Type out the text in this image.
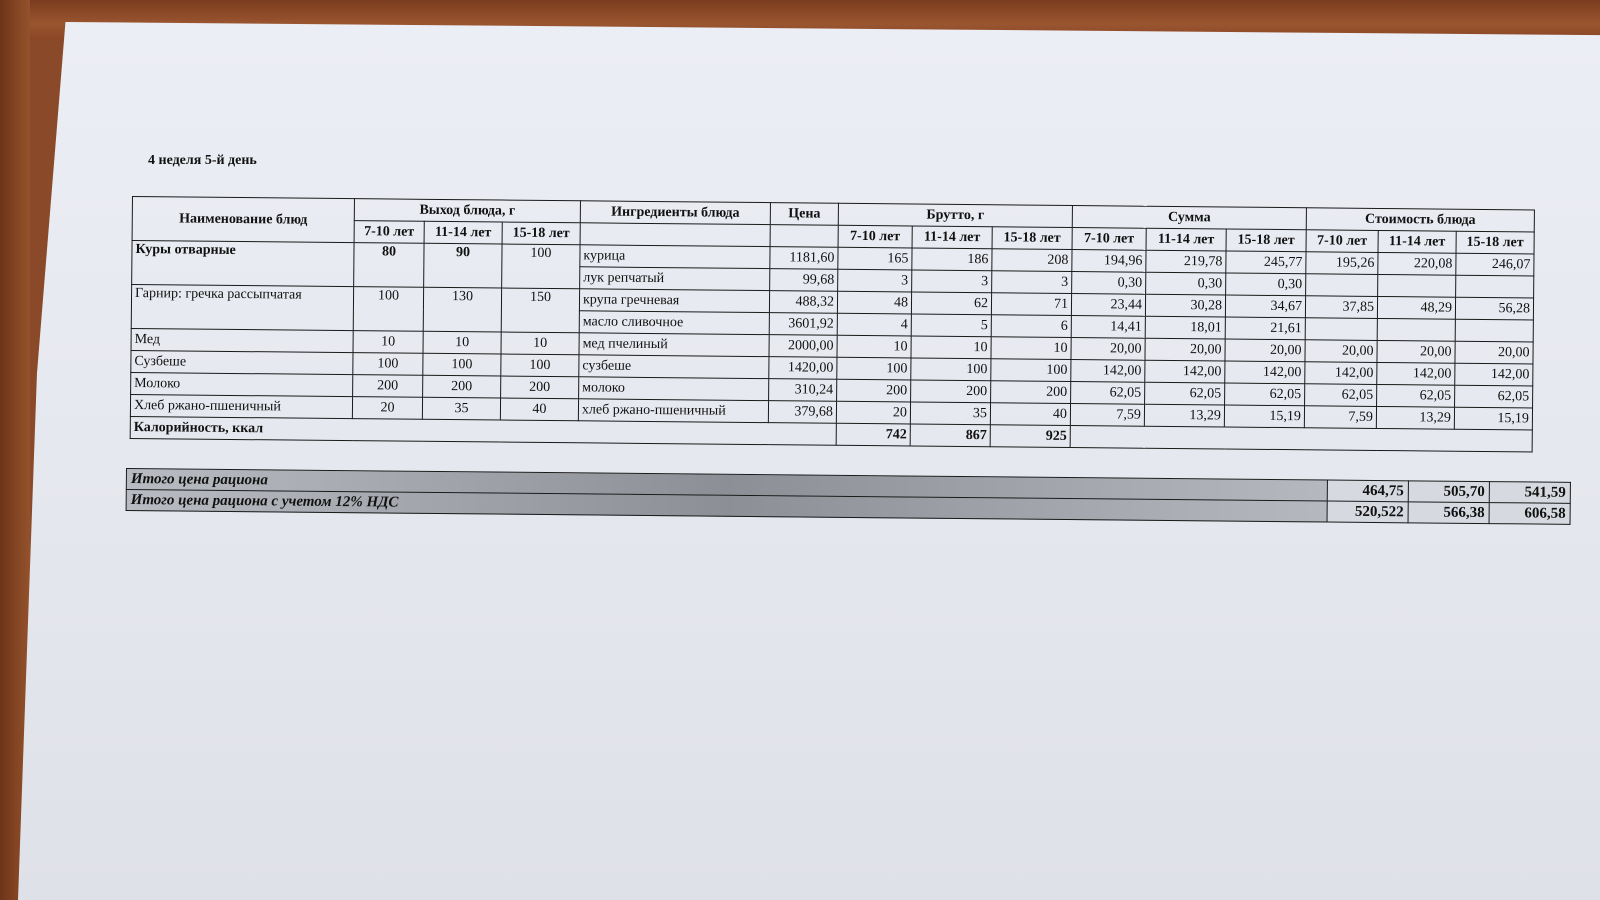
4 неделя 5-й день
Наименование блюд	Выход блюда, г			Ингредиенты блюда	Цена	Брутто, г			Сумма			Стоимость блюда		
	7-10 лет	11-14 лет	15-18 лет			7-10 лет	11-14 лет	15-18 лет	7-10 лет	11-14 лет	15-18 лет	7-10 лет	11-14 лет	15-18 лет
Куры отварные	80	90	100	курица	1181,60	165	186	208	194,96	219,78	245,77	195,26	220,08	246,07
				лук репчатый	99,68	3	3	3	0,30	0,30	0,30			
Гарнир: гречка рассыпчатая	100	130	150	крупа гречневая	488,32	48	62	71	23,44	30,28	34,67	37,85	48,29	56,28
				масло сливочное	3601,92	4	5	6	14,41	18,01	21,61			
Мед	10	10	10	мед пчелиный	2000,00	10	10	10	20,00	20,00	20,00	20,00	20,00	20,00
Сузбеше	100	100	100	сузбеше	1420,00	100	100	100	142,00	142,00	142,00	142,00	142,00	142,00
Молоко	200	200	200	молоко	310,24	200	200	200	62,05	62,05	62,05	62,05	62,05	62,05
Хлеб ржано-пшеничный	20	35	40	хлеб ржано-пшеничный	379,68	20	35	40	7,59	13,29	15,19	7,59	13,29	15,19
Калорийность, ккал						742	867	925						
Итого цена рациона	464,75	505,70	541,59
Итого цена рациона с учетом 12% НДС	520,522	566,38	606,58
